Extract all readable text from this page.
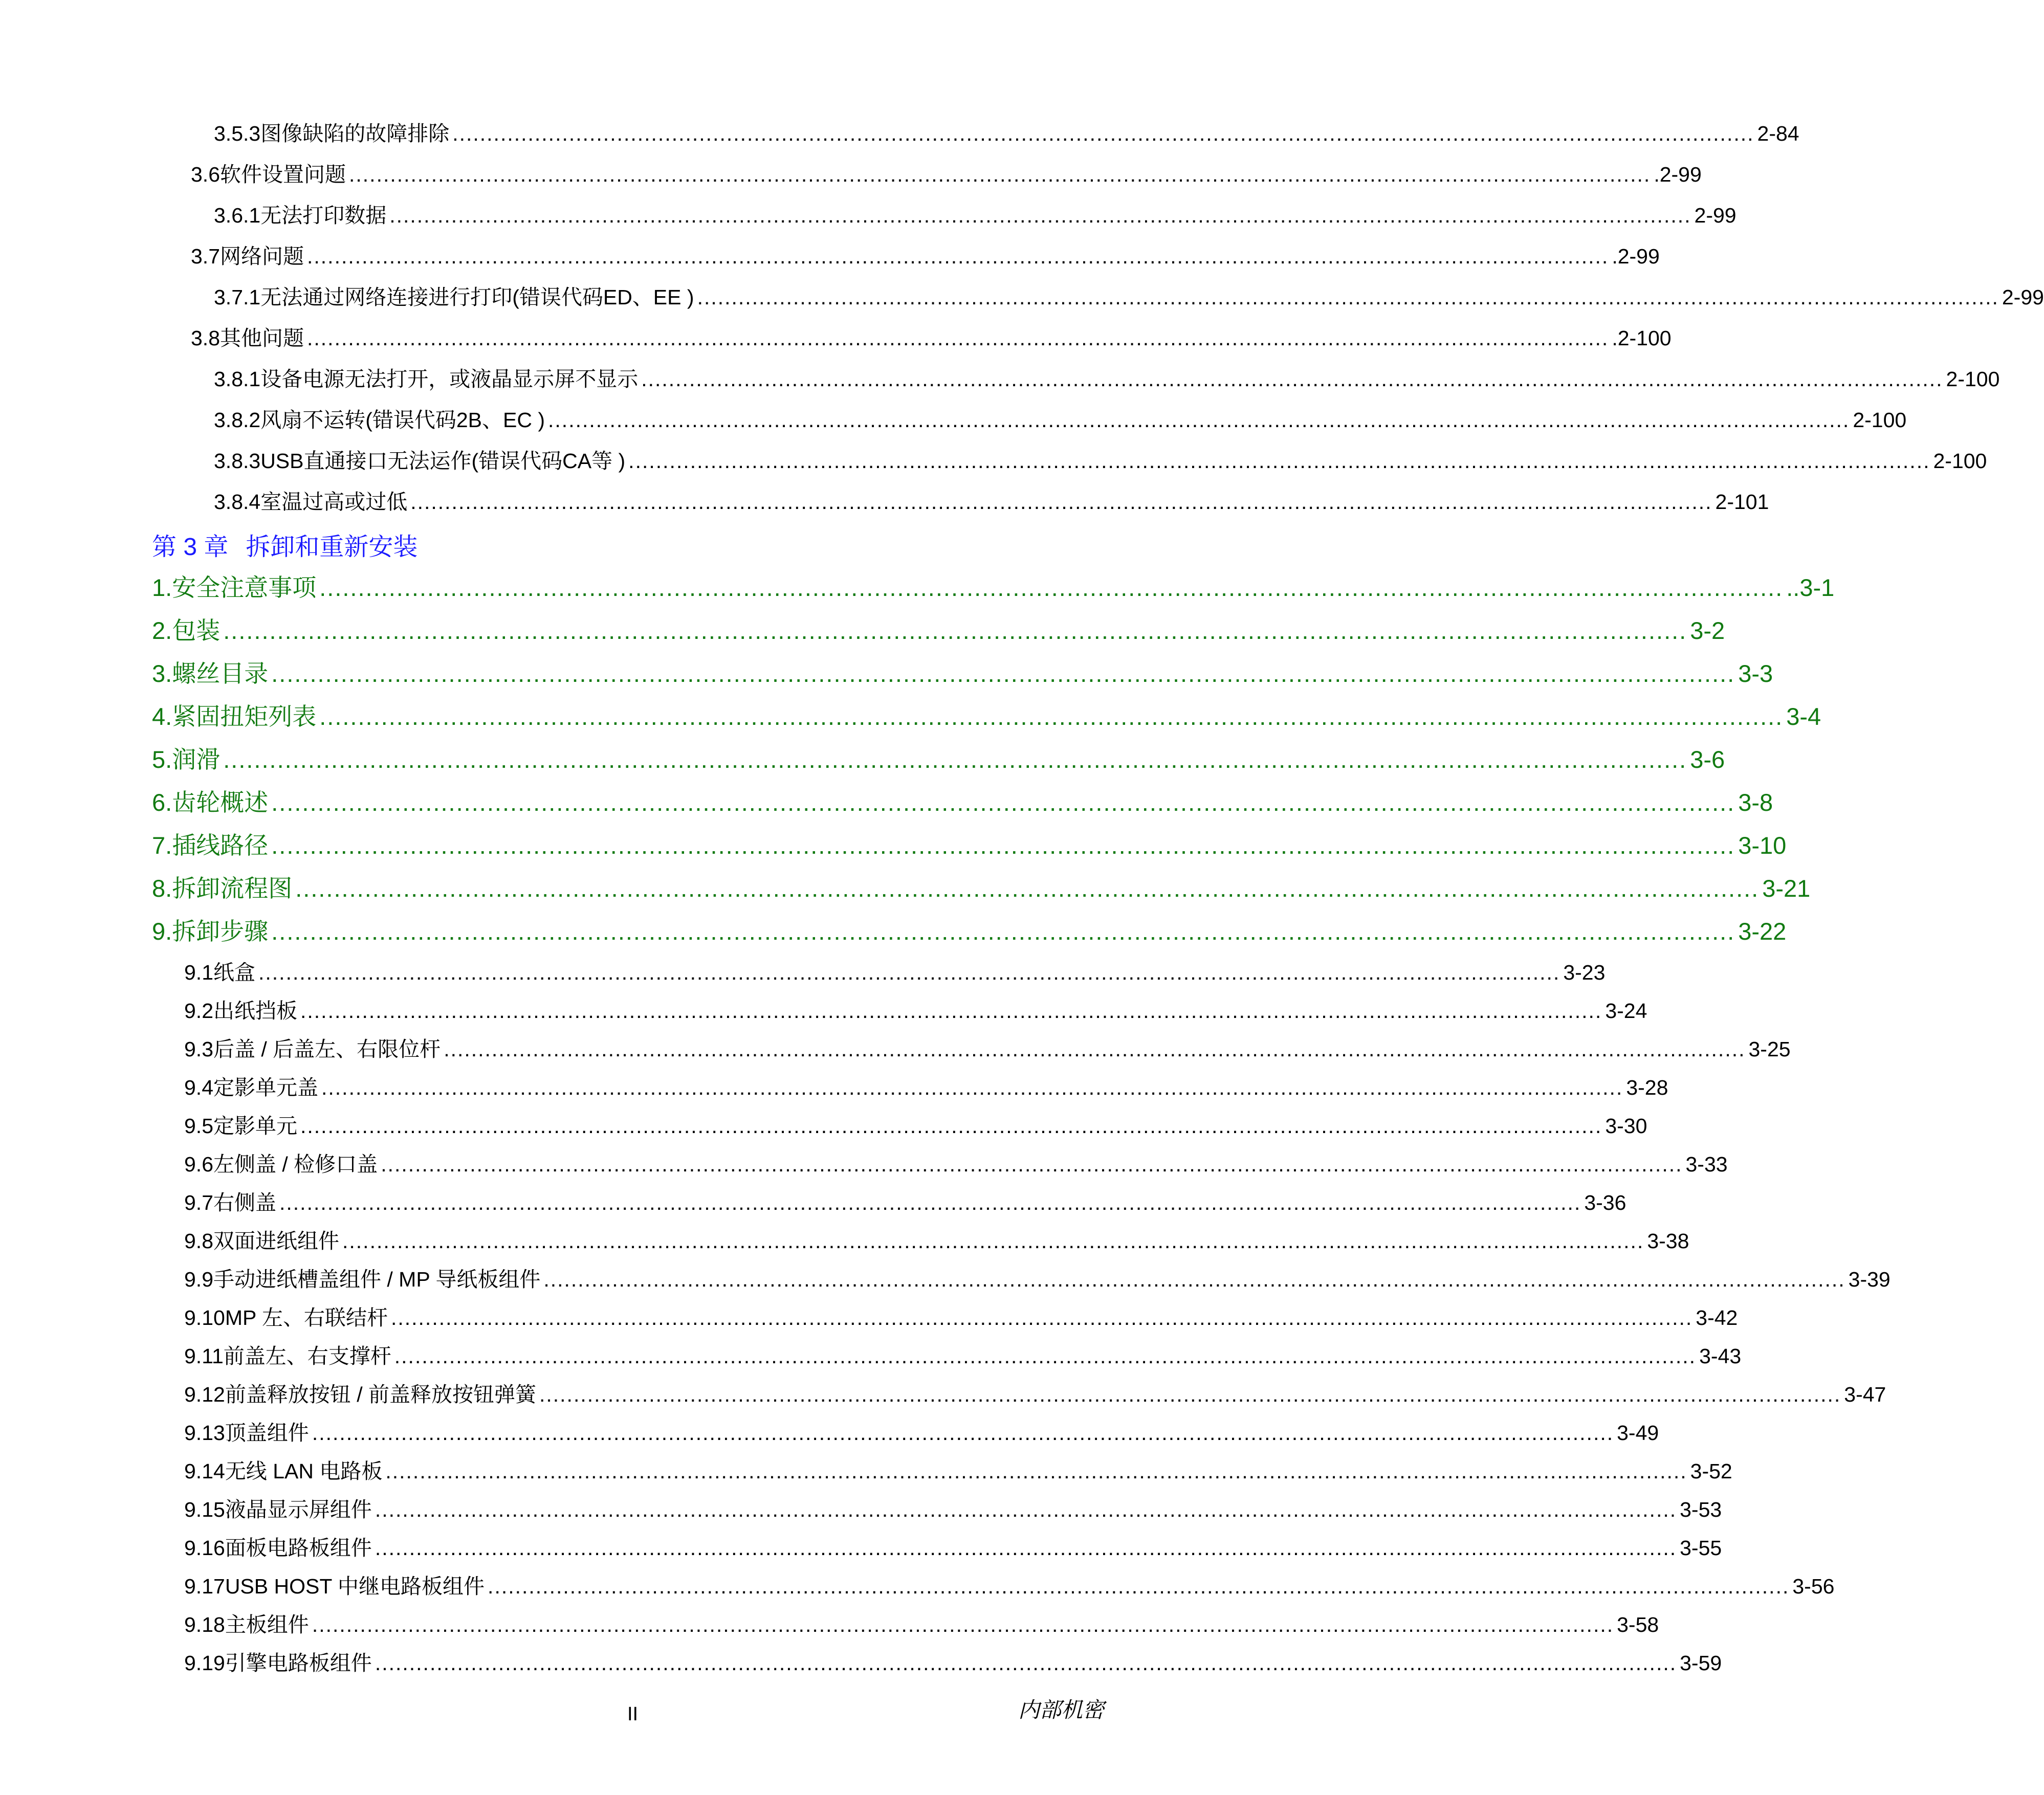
3.5.3 图像缺陷的故障排除 .............................................................................................................................................................................................. 2-84
3.6 软件设置问题 .............................................................................................................................................................................................. .2-99
3.6.1 无法打印数据 .............................................................................................................................................................................................. 2-99
3.7 网络问题 .............................................................................................................................................................................................. .2-99
3.7.1 无法通过网络连接进行打印(错误代码ED、EE ) .............................................................................................................................................................................................. 2-99
3.8 其他问题 .............................................................................................................................................................................................. .2-100
3.8.1 设备电源无法打开，或液晶显示屏不显示 .............................................................................................................................................................................................. 2-100
3.8.2 风扇不运转(错误代码2B、EC ) .............................................................................................................................................................................................. 2-100
3.8.3 USB直通接口无法运作(错误代码CA等 ) .............................................................................................................................................................................................. 2-100
3.8.4 室温过高或过低 .............................................................................................................................................................................................. 2-101
第 3 章 拆卸和重新安装
1. 安全注意事项 .............................................................................................................................................................................................. ..3-1
2. 包装 .............................................................................................................................................................................................. 3-2
3. 螺丝目录 .............................................................................................................................................................................................. 3-3
4. 紧固扭矩列表 .............................................................................................................................................................................................. 3-4
5. 润滑 .............................................................................................................................................................................................. 3-6
6. 齿轮概述 .............................................................................................................................................................................................. 3-8
7. 插线路径 .............................................................................................................................................................................................. 3-10
8. 拆卸流程图 .............................................................................................................................................................................................. 3-21
9. 拆卸步骤 .............................................................................................................................................................................................. 3-22
9.1 纸盒 .............................................................................................................................................................................................. 3-23
9.2 出纸挡板 .............................................................................................................................................................................................. 3-24
9.3 后盖 / 后盖左、右限位杆 .............................................................................................................................................................................................. 3-25
9.4 定影单元盖 .............................................................................................................................................................................................. 3-28
9.5 定影单元 .............................................................................................................................................................................................. 3-30
9.6 左侧盖 / 检修口盖 .............................................................................................................................................................................................. 3-33
9.7 右侧盖 .............................................................................................................................................................................................. 3-36
9.8 双面进纸组件 .............................................................................................................................................................................................. 3-38
9.9 手动进纸槽盖组件 / MP 导纸板组件 .............................................................................................................................................................................................. 3-39
9.10 MP 左、右联结杆 .............................................................................................................................................................................................. 3-42
9.11 前盖左、右支撑杆 .............................................................................................................................................................................................. 3-43
9.12 前盖释放按钮 / 前盖释放按钮弹簧 .............................................................................................................................................................................................. 3-47
9.13 顶盖组件 .............................................................................................................................................................................................. 3-49
9.14 无线 LAN 电路板 .............................................................................................................................................................................................. 3-52
9.15 液晶显示屏组件 .............................................................................................................................................................................................. 3-53
9.16 面板电路板组件 .............................................................................................................................................................................................. 3-55
9.17 USB HOST 中继电路板组件 .............................................................................................................................................................................................. 3-56
9.18 主板组件 .............................................................................................................................................................................................. 3-58
9.19 引擎电路板组件 .............................................................................................................................................................................................. 3-59
II	内部机密
